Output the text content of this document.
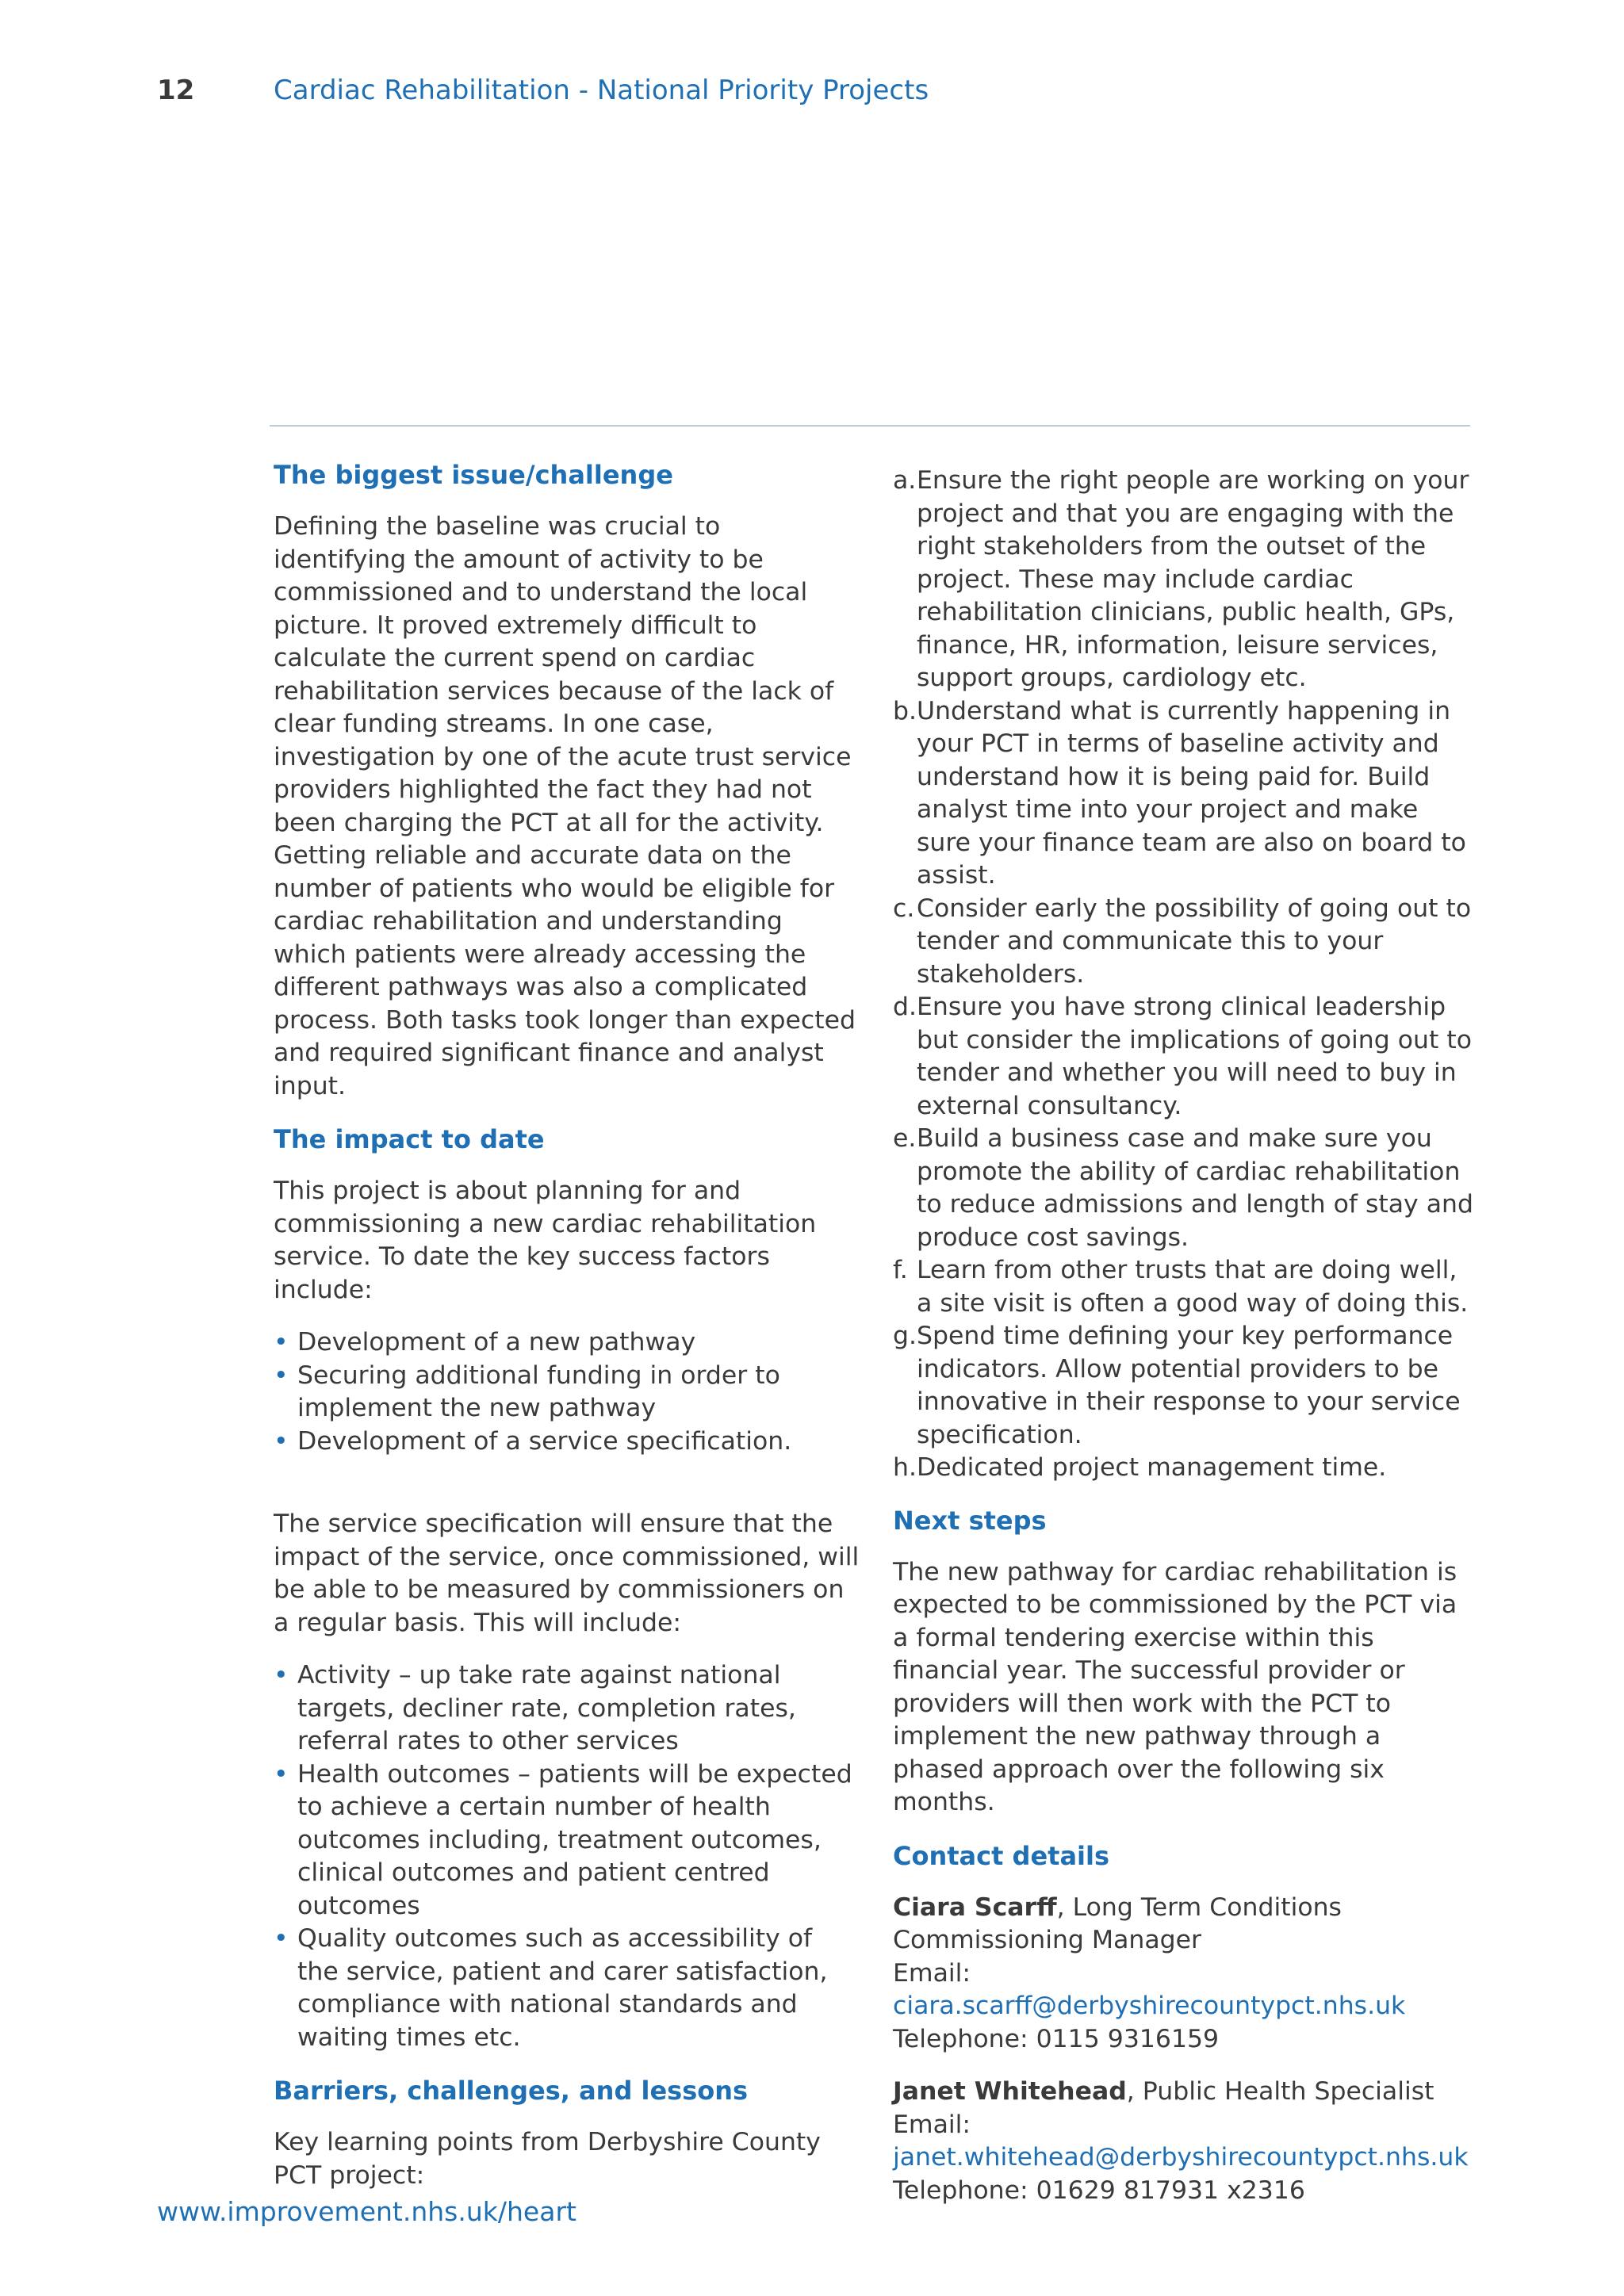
12	Cardiac Rehabilitation - National Priority Projects
The biggest issue/challenge

Defining the baseline was crucial to identifying the amount of activity to be commissioned and to understand the local picture. It proved extremely difficult to calculate the current spend on cardiac rehabilitation services because of the lack of clear funding streams. In one case, investigation by one of the acute trust service providers highlighted the fact they had not been charging the PCT at all for the activity. Getting reliable and accurate data on the number of patients who would be eligible for cardiac rehabilitation and understanding which patients were already accessing the different pathways was also a complicated process. Both tasks took longer than expected and required significant finance and analyst input.

The impact to date

This project is about planning for and commissioning a new cardiac rehabilitation service. To date the key success factors include:

• Development of a new pathway
• Securing additional funding in order to implement the new pathway
• Development of a service specification.

The service specification will ensure that the impact of the service, once commissioned, will be able to be measured by commissioners on a regular basis. This will include:

• Activity – up take rate against national targets, decliner rate, completion rates, referral rates to other services
• Health outcomes – patients will be expected to achieve a certain number of health outcomes including, treatment outcomes, clinical outcomes and patient centred outcomes
• Quality outcomes such as accessibility of the service, patient and carer satisfaction, compliance with national standards and waiting times etc.
Barriers, challenges, and lessons

Key learning points from Derbyshire County PCT project:

a. Ensure the right people are working on your project and that you are engaging with the right stakeholders from the outset of the project. These may include cardiac rehabilitation clinicians, public health, GPs, finance, HR, information, leisure services, support groups, cardiology etc.
b. Understand what is currently happening in your PCT in terms of baseline activity and understand how it is being paid for. Build analyst time into your project and make sure your finance team are also on board to assist.
c. Consider early the possibility of going out to tender and communicate this to your stakeholders.
d. Ensure you have strong clinical leadership but consider the implications of going out to tender and whether you will need to buy in external consultancy.
e. Build a business case and make sure you promote the ability of cardiac rehabilitation to reduce admissions and length of stay and produce cost savings.
f. Learn from other trusts that are doing well, a site visit is often a good way of doing this.
g. Spend time defining your key performance indicators. Allow potential providers to be innovative in their response to your service specification.
h. Dedicated project management time.
Next steps

The new pathway for cardiac rehabilitation is expected to be commissioned by the PCT via a formal tendering exercise within this financial year. The successful provider or providers will then work with the PCT to implement the new pathway through a phased approach over the following six months.

Contact details
Ciara Scarff, Long Term Conditions Commissioning Manager
Email: ciara.scarff@derbyshirecountypct.nhs.uk
Telephone: 0115 9316159
Janet Whitehead, Public Health Specialist
Email:
janet.whitehead@derbyshirecountypct.nhs.uk
Telephone: 01629 817931 x2316
www.improvement.nhs.uk/heart
